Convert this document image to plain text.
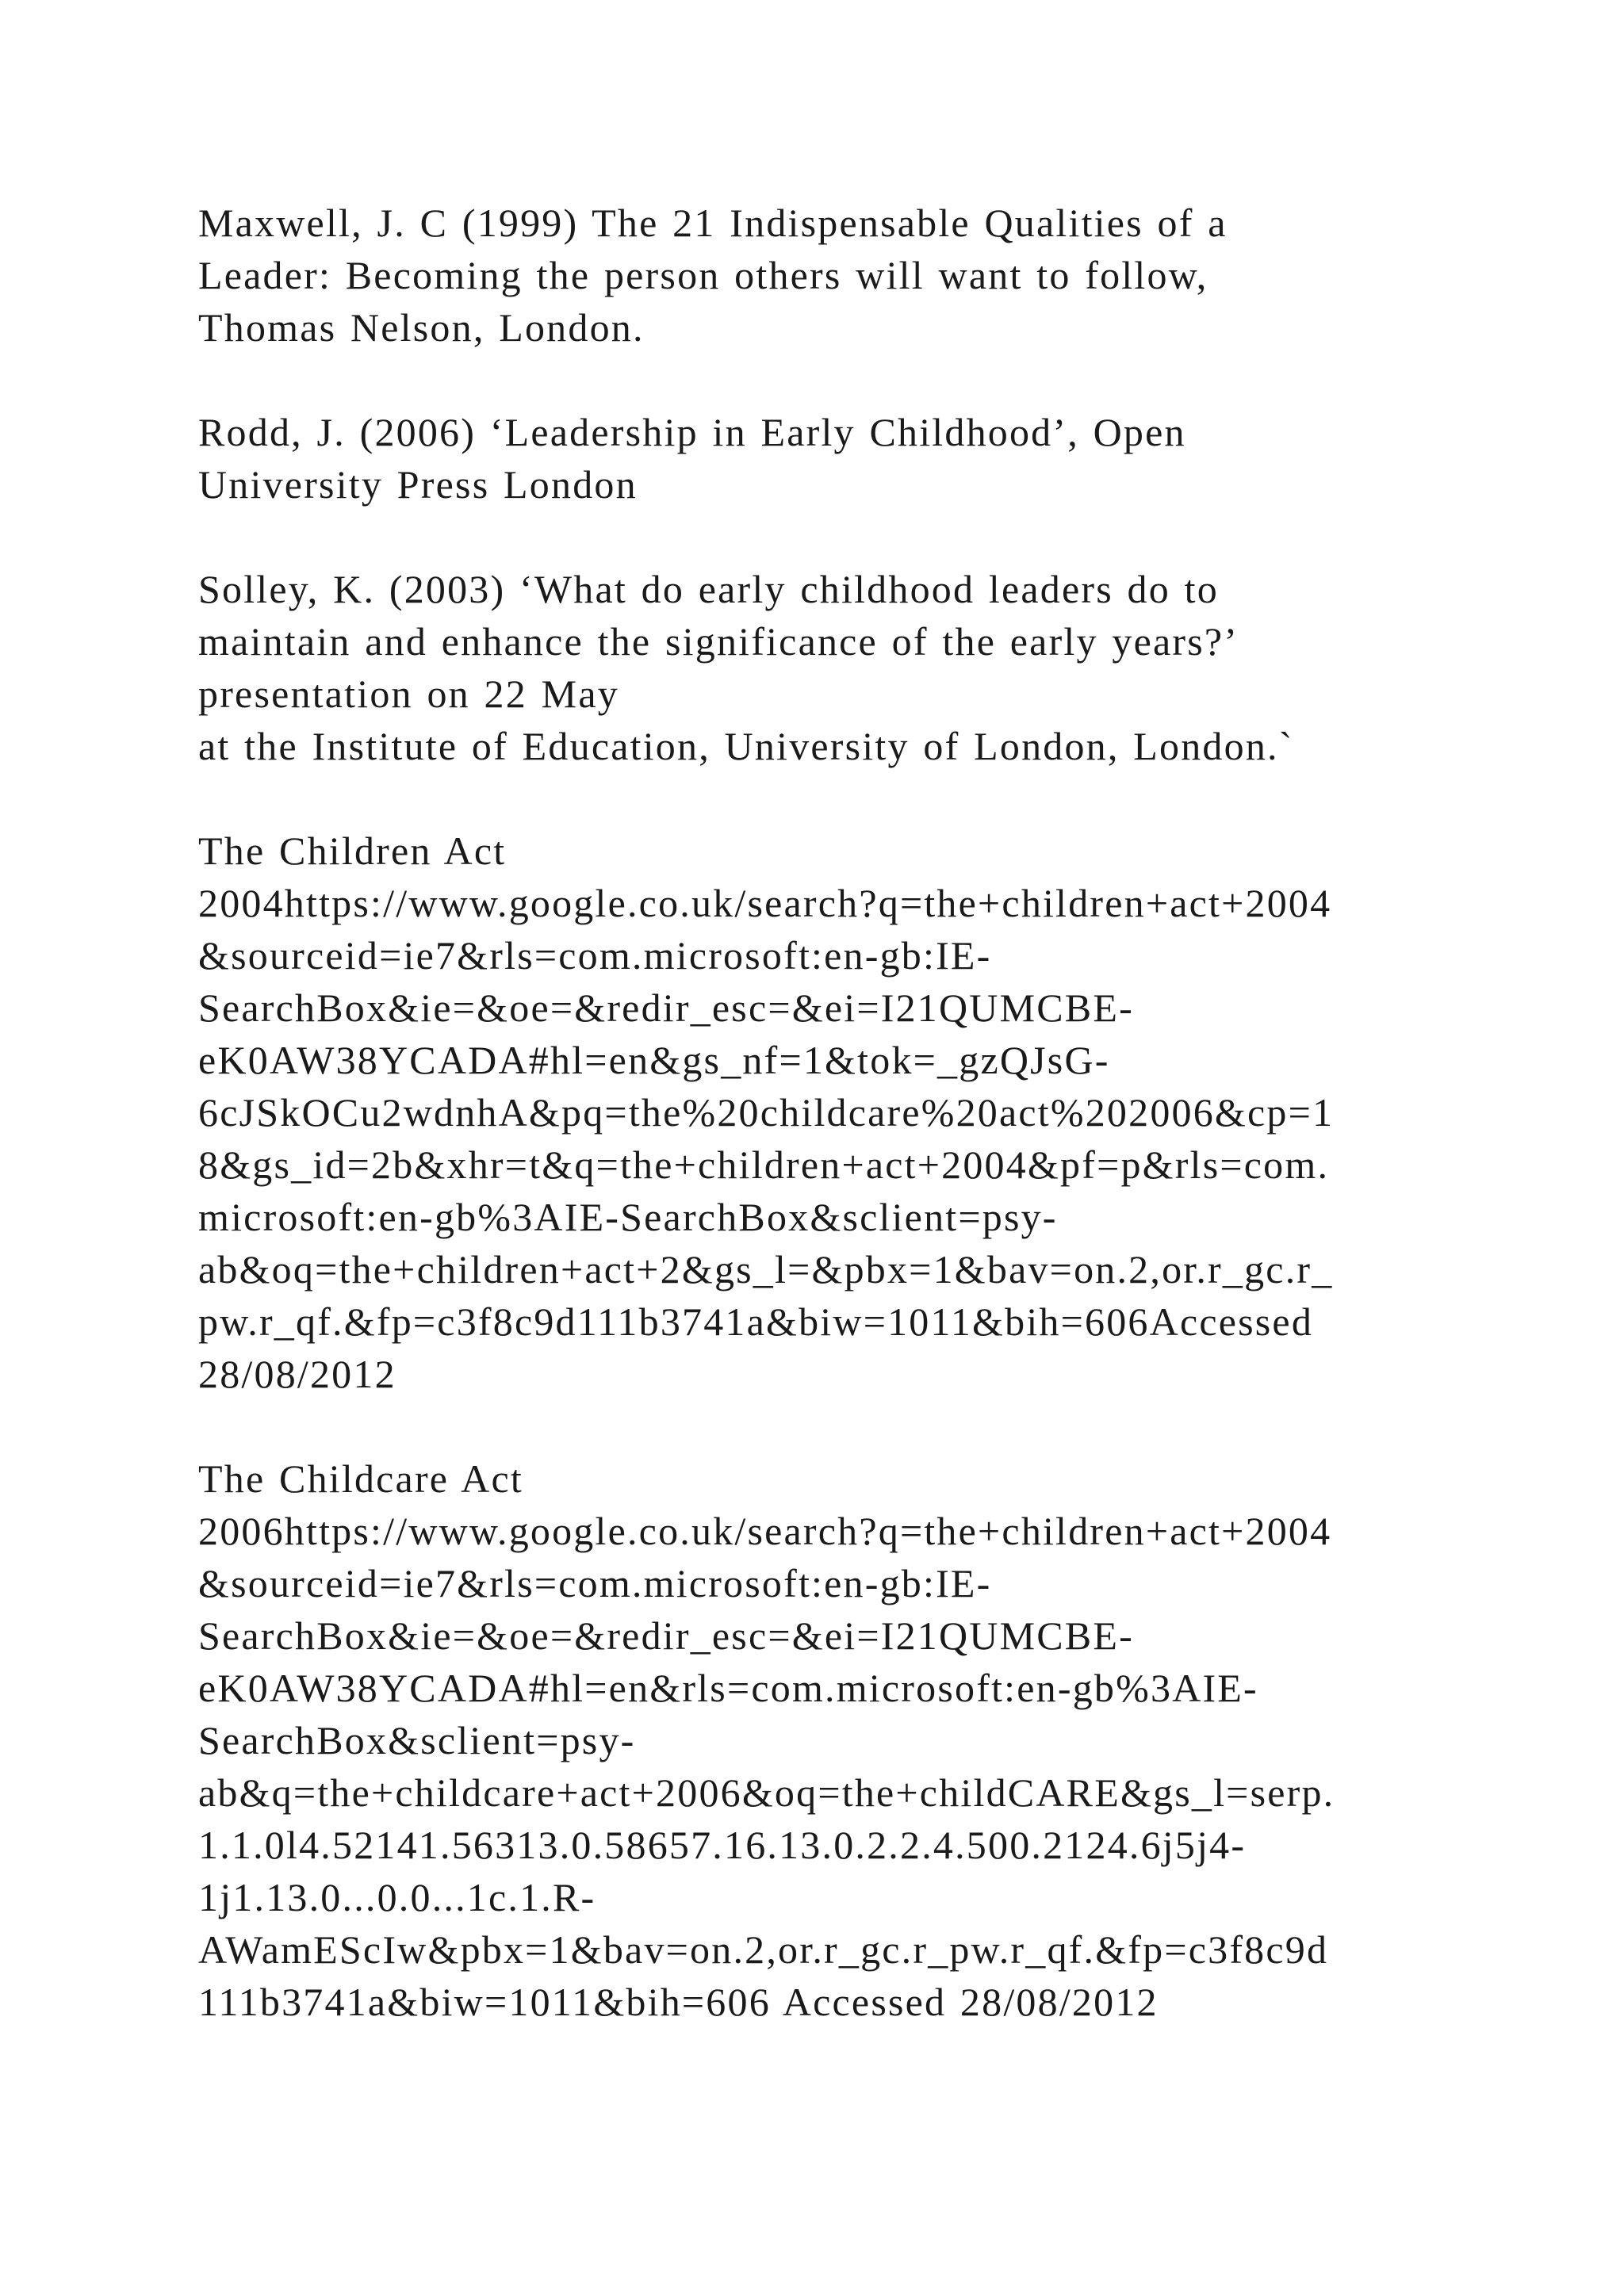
Maxwell, J. C (1999) The 21 Indispensable Qualities of a
Leader: Becoming the person others will want to follow,
Thomas Nelson, London.
Rodd, J. (2006) ‘Leadership in Early Childhood’, Open
University Press London
Solley, K. (2003) ‘What do early childhood leaders do to
maintain and enhance the significance of the early years?’
presentation on 22 May
at the Institute of Education, University of London, London.`
The Children Act
2004https://www.google.co.uk/search?q=the+children+act+2004
&sourceid=ie7&rls=com.microsoft:en-gb:IE-
SearchBox&ie=&oe=&redir_esc=&ei=I21QUMCBE-
eK0AW38YCADA#hl=en&gs_nf=1&tok=_gzQJsG-
6cJSkOCu2wdnhA&pq=the%20childcare%20act%202006&cp=1
8&gs_id=2b&xhr=t&q=the+children+act+2004&pf=p&rls=com.
microsoft:en-gb%3AIE-SearchBox&sclient=psy-
ab&oq=the+children+act+2&gs_l=&pbx=1&bav=on.2,or.r_gc.r_
pw.r_qf.&fp=c3f8c9d111b3741a&biw=1011&bih=606Accessed
28/08/2012
The Childcare Act
2006https://www.google.co.uk/search?q=the+children+act+2004
&sourceid=ie7&rls=com.microsoft:en-gb:IE-
SearchBox&ie=&oe=&redir_esc=&ei=I21QUMCBE-
eK0AW38YCADA#hl=en&rls=com.microsoft:en-gb%3AIE-
SearchBox&sclient=psy-
ab&q=the+childcare+act+2006&oq=the+childCARE&gs_l=serp.
1.1.0l4.52141.56313.0.58657.16.13.0.2.2.4.500.2124.6j5j4-
1j1.13.0...0.0...1c.1.R-
AWamEScIw&pbx=1&bav=on.2,or.r_gc.r_pw.r_qf.&fp=c3f8c9d
111b3741a&biw=1011&bih=606 Accessed 28/08/2012
